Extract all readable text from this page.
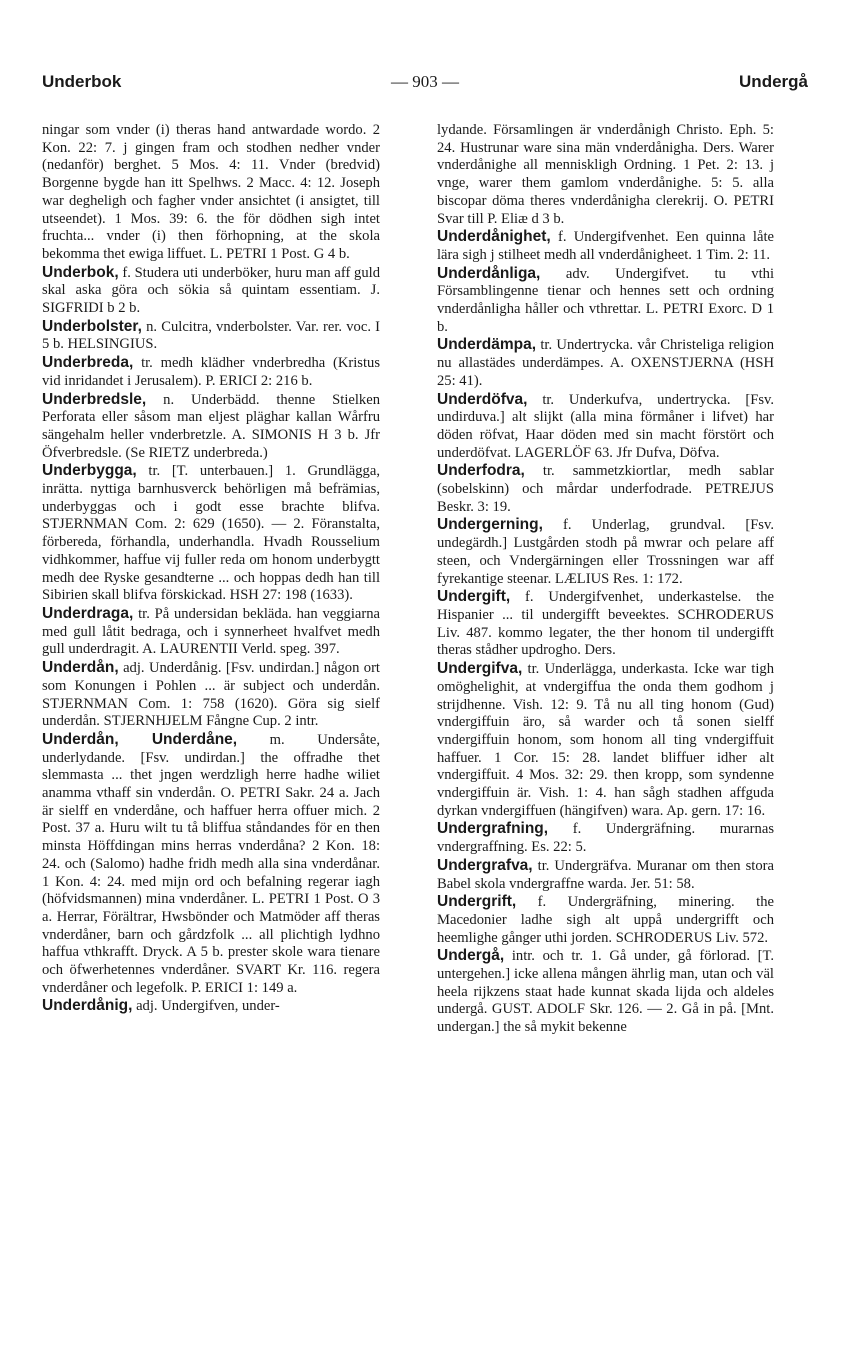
Underbok	— 903 —	Undergå

ningar som vnder (i) theras hand antwardade wordo. 2 Kon. 22: 7. j gingen fram och stodhen nedher vnder (nedanför) berghet. 5 Mos. 4: 11. Vnder (bredvid) Borgenne bygde han itt Spelhws. 2 Macc. 4: 12. Joseph war degheligh och fagher vnder ansichtet (i ansigtet, till utseendet). 1 Mos. 39: 6. the för dödhen sigh intet fruchta... vnder (i) then förhopning, at the skola bekomma thet ewiga liffuet. L. PETRI 1 Post. G 4 b.

Underbok, f. Studera uti underböker, huru man aff guld skal aska göra och sökia så quintam essentiam. J. SIGFRIDI b 2 b.

Underbolster, n. Culcitra, vnderbolster. Var. rer. voc. I 5 b. HELSINGIUS.

Underbreda, tr. medh klädher vnderbredha (Kristus vid inridandet i Jerusalem). P. ERICI 2: 216 b.

Underbredsle, n. Underbädd. thenne Stielken Perforata eller såsom man eljest pläghar kallan Wårfru sängehalm heller vnderbretzle. A. SIMONIS H 3 b. Jfr Öfverbredsle. (Se RIETZ underbreda.)

Underbygga, tr. [T. unterbauen.] 1. Grundlägga, inrätta. nyttiga barnhusverck behörligen må befrämias, underbyggas och i godt esse brachte blifva. STJERNMAN Com. 2: 629 (1650). — 2. Föranstalta, förbereda, förhandla, underhandla. Hvadh Rousselium vidhkommer, haffue vij fuller reda om honom underbygtt medh dee Ryske gesandterne ... och hoppas dedh han till Sibirien skall blifva förskickad. HSH 27: 198 (1633).

Underdraga, tr. På undersidan bekläda. han veggiarna med gull låtit bedraga, och i synnerheet hvalfvet medh gull underdragit. A. LAURENTII Verld. speg. 397.

Underdån, adj. Underdånig. [Fsv. undirdan.] någon ort som Konungen i Pohlen ... är subject och underdån. STJERNMAN Com. 1: 758 (1620). Göra sig sielf underdån. STJERNHJELM Fångne Cup. 2 intr.

Underdån, Underdåne, m. Undersåte, underlydande. [Fsv. undirdan.] the offradhe thet slemmasta ... thet jngen werdzligh herre hadhe wiliet anamma vthaff sin vnderdån. O. PETRI Sakr. 24 a. Jach är sielff en vnderdåne, och haffuer herra offuer mich. 2 Post. 37 a. Huru wilt tu tå bliffua ståndandes för en then minsta Höffdingan mins herras vnderdåna? 2 Kon. 18: 24. och (Salomo) hadhe fridh medh alla sina vnderdånar. 1 Kon. 4: 24. med mijn ord och befalning regerar iagh (höfvidsmannen) mina vnderdåner. L. PETRI 1 Post. O 3 a. Herrar, Förältrar, Hwsbönder och Matmöder aff theras vnderdåner, barn och gårdzfolk ... all plichtigh lydhno haffua vthkrafft. Dryck. A 5 b. prester skole wara tienare och öfwerhetennes vnderdåner. SVART Kr. 116. regera vnderdåner och legefolk. P. ERICI 1: 149 a.

Underdånig, adj. Undergifven, under-

lydande. Församlingen är vnderdånigh Christo. Eph. 5: 24. Hustrunar ware sina män vnderdånigha. Ders. Warer vnderdånighe all menniskligh Ordning. 1 Pet. 2: 13. j vnge, warer them gamlom vnderdånighe. 5: 5. alla biscopar döma theres vnderdånigha clerekrij. O. PETRI Svar till P. Eliæ d 3 b.

Underdånighet, f. Undergifvenhet. Een quinna låte lära sigh j stilheet medh all vnderdånigheet. 1 Tim. 2: 11.

Underdånliga, adv. Undergifvet. tu vthi Församblingenne tienar och hennes sett och ordning vnderdånligha håller och vthrettar. L. PETRI Exorc. D 1 b.

Underdämpa, tr. Undertrycka. vår Christeliga religion nu allastädes underdämpes. A. OXENSTJERNA (HSH 25: 41).

Underdöfva, tr. Underkufva, undertrycka. [Fsv. undirduva.] alt slijkt (alla mina förmåner i lifvet) har döden röfvat, Haar döden med sin macht förstört och underdöfvat. LAGERLÖF 63. Jfr Dufva, Döfva.

Underfodra, tr. sammetzkiortlar, medh sablar (sobelskinn) och mårdar underfodrade. PETREJUS Beskr. 3: 19.

Undergerning, f. Underlag, grundval. [Fsv. undegärdh.] Lustgården stodh på mwrar och pelare aff steen, och Vndergärningen eller Trossningen war aff fyrekantige steenar. LÆLIUS Res. 1: 172.

Undergift, f. Undergifvenhet, underkastelse. the Hispanier ... til undergifft beveektes. SCHRODERUS Liv. 487. kommo legater, the ther honom til undergifft theras stådher updrogho. Ders.

Undergifva, tr. Underlägga, underkasta. Icke war tigh omöghelighit, at vndergiffua the onda them godhom j strijdhenne. Vish. 12: 9. Tå nu all ting honom (Gud) vndergiffuin äro, så warder och tå sonen sielff vndergiffuin honom, som honom all ting vndergiffuit haffuer. 1 Cor. 15: 28. landet bliffuer idher alt vndergiffuit. 4 Mos. 32: 29. then kropp, som syndenne vndergiffuin är. Vish. 1: 4. han sågh stadhen affguda dyrkan vndergiffuen (hängifven) wara. Ap. gern. 17: 16.

Undergrafning, f. Undergräfning. murarnas vndergraffning. Es. 22: 5.

Undergrafva, tr. Undergräfva. Muranar om then stora Babel skola vndergraffne warda. Jer. 51: 58.

Undergrift, f. Undergräfning, minering. the Macedonier ladhe sigh alt uppå undergrifft och heemlighe gånger uthi jorden. SCHRODERUS Liv. 572.

Undergå, intr. och tr. 1. Gå under, gå förlorad. [T. untergehen.] icke allena mången ährlig man, utan och väl heela rijkzens staat hade kunnat skada lijda och aldeles undergå. GUST. ADOLF Skr. 126. — 2. Gå in på. [Mnt. undergan.] the så mykit bekenne
